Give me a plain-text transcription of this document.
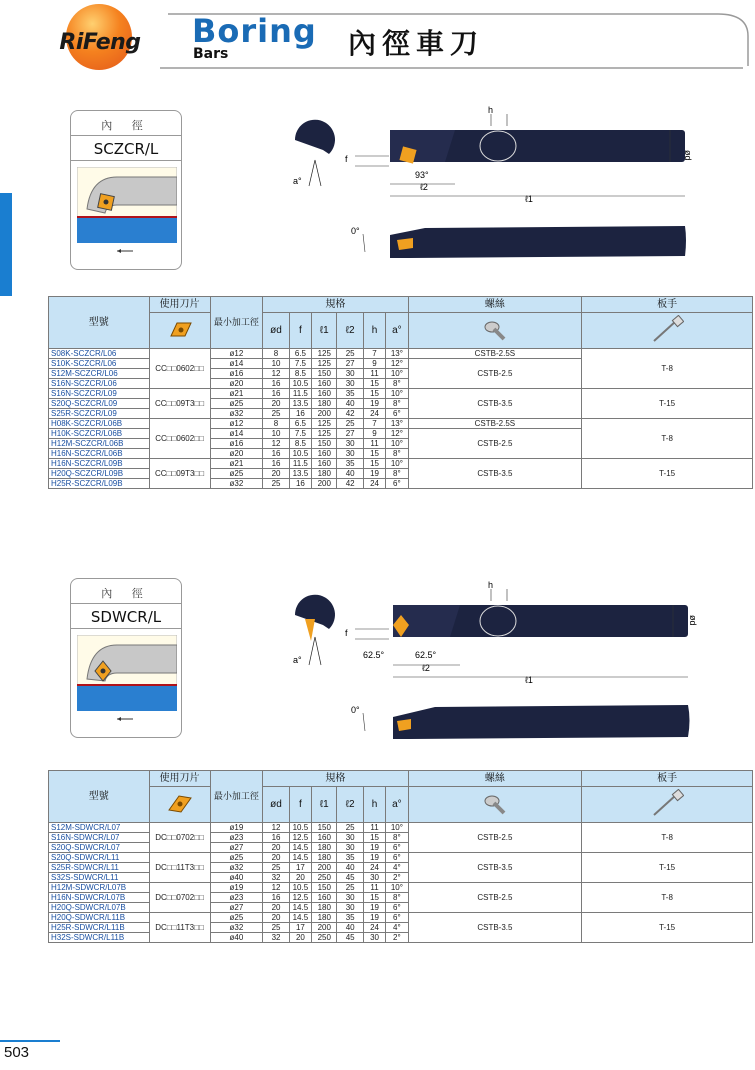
RiFeng	Boring
Bars	內徑車刀
內 徑
SCZCR/L
a°
h
ød
f
93°
ℓ2
ℓ1
0°
型號	使用刀片	最小加工徑	規格						螺絲	板手
	ød	f	ℓ1	ℓ2	h	a°		
S08K-SCZCR/L06	CC□□0602□□	ø12	8	6.5	125	25	7	13°	CSTB-2.5S	T-8
S10K-SCZCR/L06		ø14	10	7.5	125	27	9	12°	CSTB-2.5	
S12M-SCZCR/L06		ø16	12	8.5	150	30	11	10°		
S16N-SCZCR/L06		ø20	16	10.5	160	30	15	8°		
S16N-SCZCR/L09	CC□□09T3□□	ø21	16	11.5	160	35	15	10°	CSTB-3.5	T-15
S20Q-SCZCR/L09		ø25	20	13.5	180	40	19	8°		
S25R-SCZCR/L09		ø32	25	16	200	42	24	6°		
H08K-SCZCR/L06B	CC□□0602□□	ø12	8	6.5	125	25	7	13°	CSTB-2.5S	T-8
H10K-SCZCR/L06B		ø14	10	7.5	125	27	9	12°	CSTB-2.5	
H12M-SCZCR/L06B		ø16	12	8.5	150	30	11	10°		
H16N-SCZCR/L06B		ø20	16	10.5	160	30	15	8°		
H16N-SCZCR/L09B	CC□□09T3□□	ø21	16	11.5	160	35	15	10°	CSTB-3.5	T-15
H20Q-SCZCR/L09B		ø25	20	13.5	180	40	19	8°		
H25R-SCZCR/L09B		ø32	25	16	200	42	24	6°		
內 徑
SDWCR/L
a°
h
ød
f
62.5°	62.5°
ℓ2
ℓ1
0°
型號	使用刀片	最小加工徑	規格						螺絲	板手
	ød	f	ℓ1	ℓ2	h	a°		
S12M-SDWCR/L07	DC□□0702□□	ø19	12	10.5	150	25	11	10°	CSTB-2.5	T-8
S16N-SDWCR/L07		ø23	16	12.5	160	30	15	8°		
S20Q-SDWCR/L07		ø27	20	14.5	180	30	19	6°		
S20Q-SDWCR/L11	DC□□11T3□□	ø25	20	14.5	180	35	19	6°	CSTB-3.5	T-15
S25R-SDWCR/L11		ø32	25	17	200	40	24	4°		
S32S-SDWCR/L11		ø40	32	20	250	45	30	2°		
H12M-SDWCR/L07B	DC□□0702□□	ø19	12	10.5	150	25	11	10°	CSTB-2.5	T-8
H16N-SDWCR/L07B		ø23	16	12.5	160	30	15	8°		
H20Q-SDWCR/L07B		ø27	20	14.5	180	30	19	6°		
H20Q-SDWCR/L11B	DC□□11T3□□	ø25	20	14.5	180	35	19	6°	CSTB-3.5	T-15
H25R-SDWCR/L11B		ø32	25	17	200	40	24	4°		
H32S-SDWCR/L11B		ø40	32	20	250	45	30	2°		
503
